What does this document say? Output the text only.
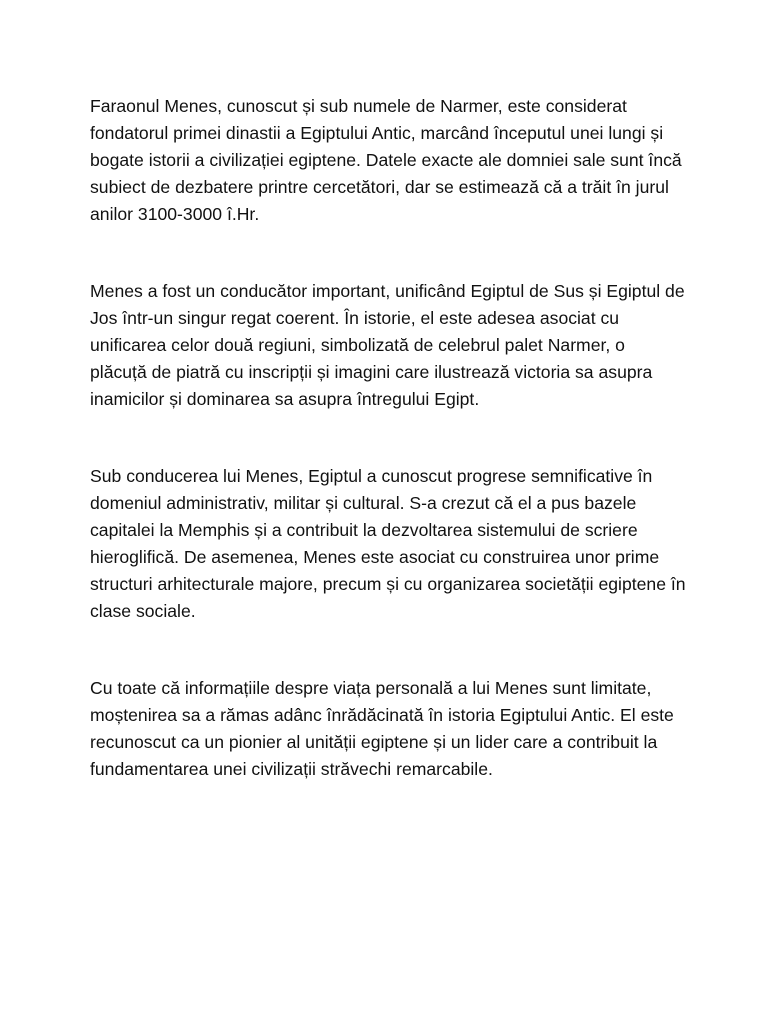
Faraonul Menes, cunoscut și sub numele de Narmer, este considerat fondatorul primei dinastii a Egiptului Antic, marcând începutul unei lungi și bogate istorii a civilizației egiptene. Datele exacte ale domniei sale sunt încă subiect de dezbatere printre cercetători, dar se estimează că a trăit în jurul anilor 3100-3000 î.Hr.

Menes a fost un conducător important, unificând Egiptul de Sus și Egiptul de Jos într-un singur regat coerent. În istorie, el este adesea asociat cu unificarea celor două regiuni, simbolizată de celebrul palet Narmer, o plăcuță de piatră cu inscripții și imagini care ilustrează victoria sa asupra inamicilor și dominarea sa asupra întregului Egipt.

Sub conducerea lui Menes, Egiptul a cunoscut progrese semnificative în domeniul administrativ, militar și cultural. S-a crezut că el a pus bazele capitalei la Memphis și a contribuit la dezvoltarea sistemului de scriere hieroglifică. De asemenea, Menes este asociat cu construirea unor prime structuri arhitecturale majore, precum și cu organizarea societății egiptene în clase sociale.

Cu toate că informațiile despre viața personală a lui Menes sunt limitate, moștenirea sa a rămas adânc înrădăcinată în istoria Egiptului Antic. El este recunoscut ca un pionier al unității egiptene și un lider care a contribuit la fundamentarea unei civilizații străvechi remarcabile.
